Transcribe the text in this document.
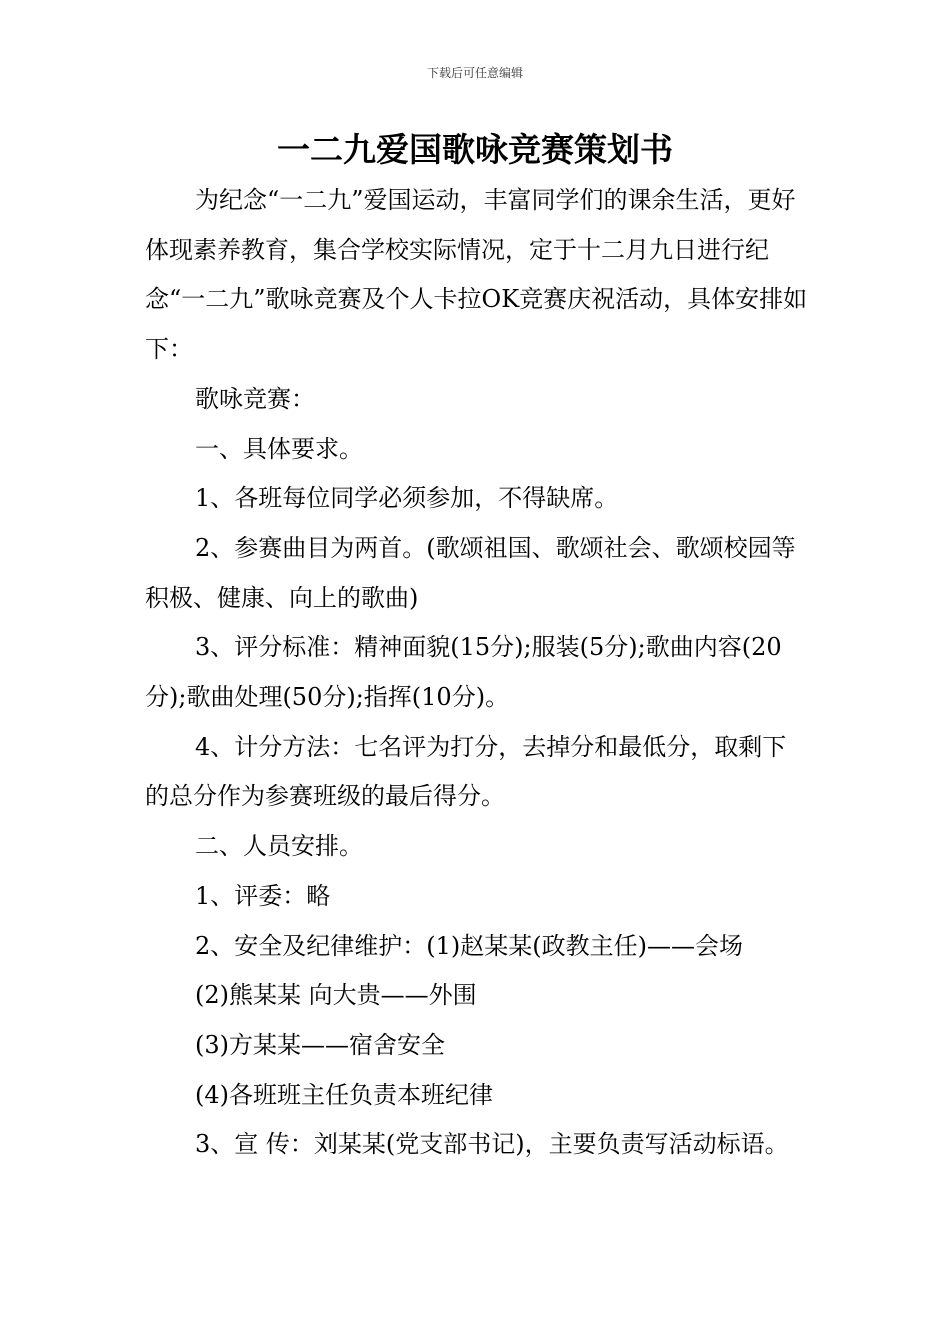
下载后可任意编辑
一二九爱国歌咏竞赛策划书

为纪念“一二九”爱国运动，丰富同学们的课余生活，更好体现素养教育，集合学校实际情况，定于十二月九日进行纪念“一二九”歌咏竞赛及个人卡拉OK竞赛庆祝活动，具体安排如下：

歌咏竞赛：

一、具体要求。

1、各班每位同学必须参加，不得缺席。

2、参赛曲目为两首。(歌颂祖国、歌颂社会、歌颂校园等积极、健康、向上的歌曲)

3、评分标准：精神面貌(15分);服装(5分);歌曲内容(20分);歌曲处理(50分);指挥(10分)。

4、计分方法：七名评为打分，去掉分和最低分，取剩下的总分作为参赛班级的最后得分。

二、人员安排。

1、评委：略

2、安全及纪律维护：(1)赵某某(政教主任)——会场

(2)熊某某 向大贵——外围

(3)方某某——宿舍安全

(4)各班班主任负责本班纪律

3、宣 传：刘某某(党支部书记)，主要负责写活动标语。
